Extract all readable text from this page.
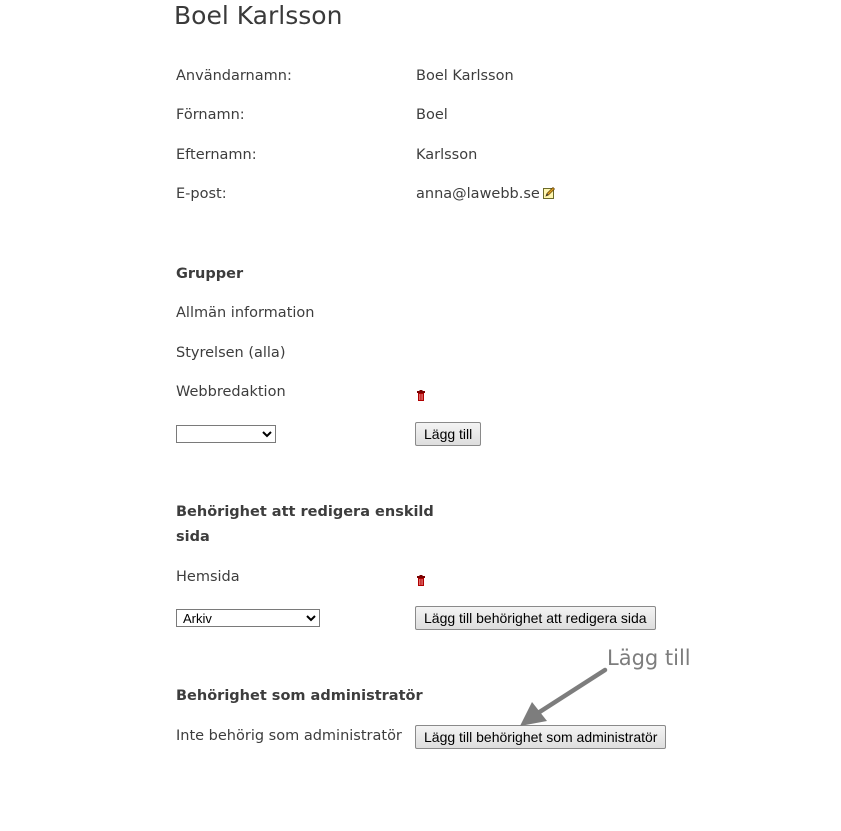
Boel Karlsson
Användarnamn:	Boel Karlsson
Förnamn:	Boel
Efternamn:	Karlsson
E-post:	anna@lawebb.se
Grupper
Allmän information
Styrelsen (alla)
Webbredaktion
Lägg till
Behörighet att redigera enskild
sida
Hemsida
Arkiv
Lägg till behörighet att redigera sida
Behörighet som administratör
Inte behörig som administratör	Lägg till behörighet som administratör
Lägg till
